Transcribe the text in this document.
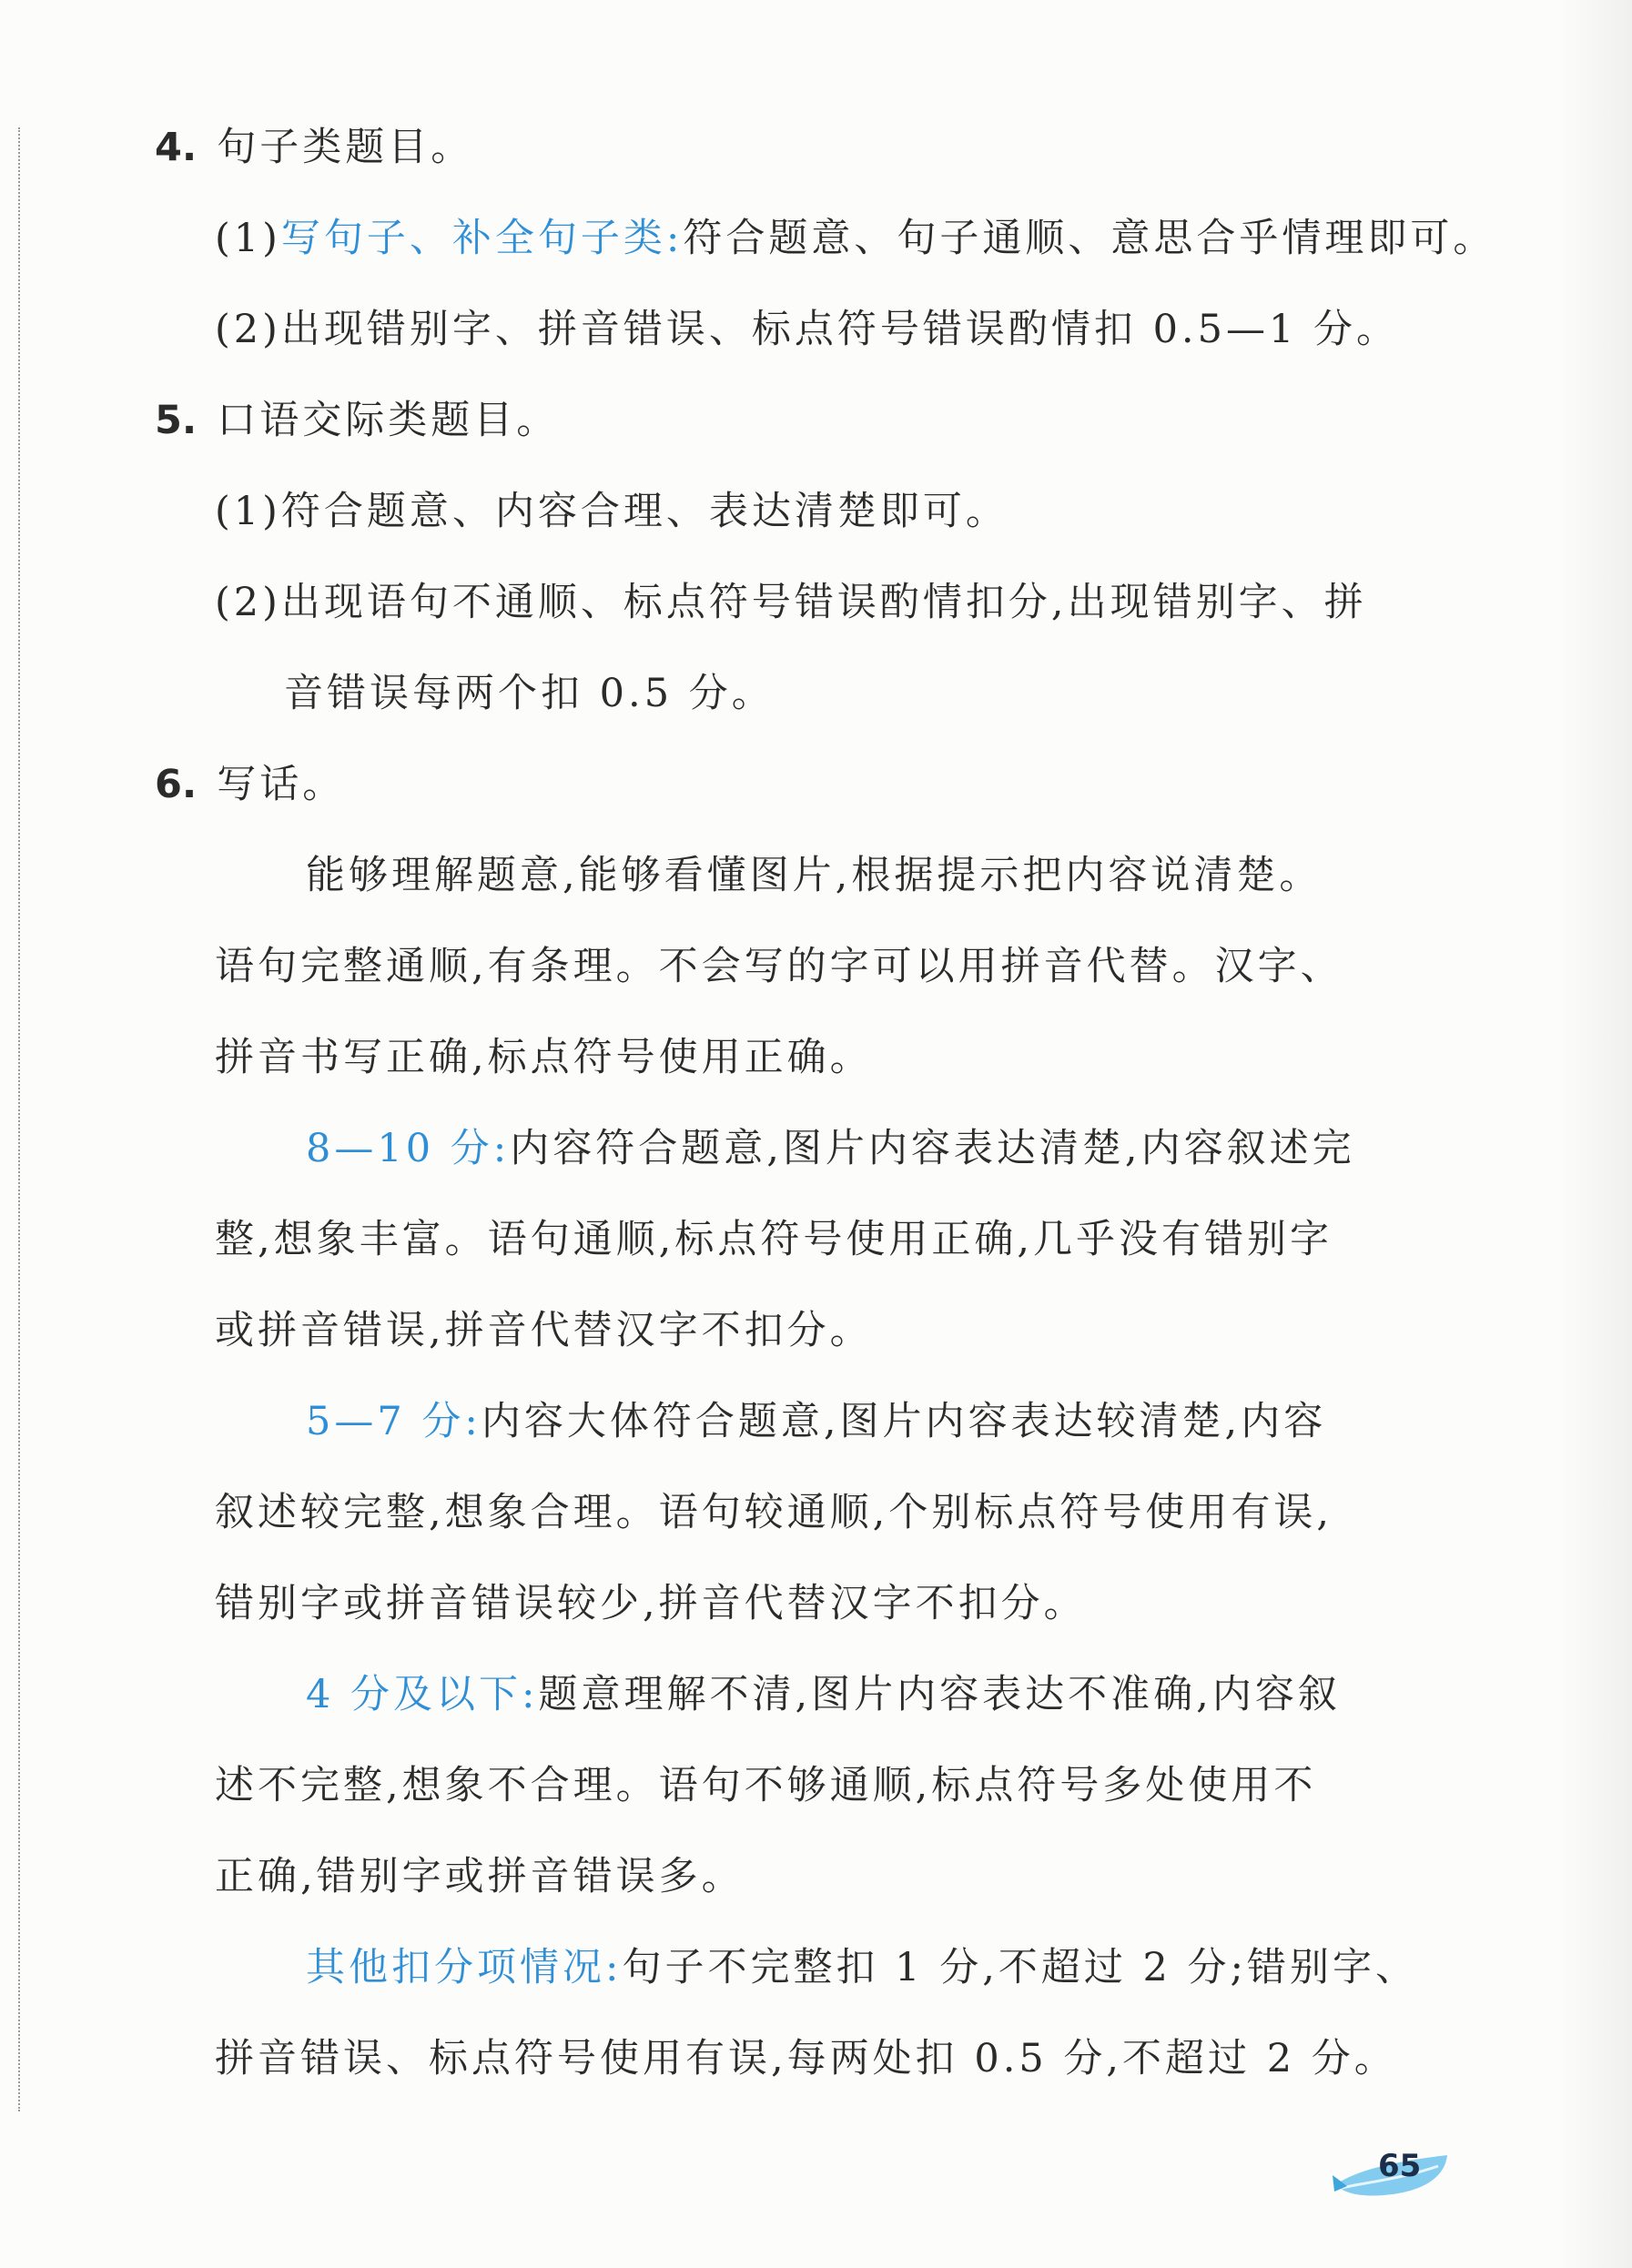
4. 句子类题目。
(1)写句子、补全句子类:符合题意、句子通顺、意思合乎情理即可。
(2)出现错别字、拼音错误、标点符号错误酌情扣 0.5—1 分。
5. 口语交际类题目。
(1)符合题意、内容合理、表达清楚即可。
(2)出现语句不通顺、标点符号错误酌情扣分,出现错别字、拼
音错误每两个扣 0.5 分。
6. 写话。
能够理解题意,能够看懂图片,根据提示把内容说清楚。
语句完整通顺,有条理。不会写的字可以用拼音代替。汉字、
拼音书写正确,标点符号使用正确。
8—10 分:内容符合题意,图片内容表达清楚,内容叙述完
整,想象丰富。语句通顺,标点符号使用正确,几乎没有错别字
或拼音错误,拼音代替汉字不扣分。
5—7 分:内容大体符合题意,图片内容表达较清楚,内容
叙述较完整,想象合理。语句较通顺,个别标点符号使用有误,
错别字或拼音错误较少,拼音代替汉字不扣分。
4 分及以下:题意理解不清,图片内容表达不准确,内容叙
述不完整,想象不合理。语句不够通顺,标点符号多处使用不
正确,错别字或拼音错误多。
其他扣分项情况:句子不完整扣 1 分,不超过 2 分;错别字、
拼音错误、标点符号使用有误,每两处扣 0.5 分,不超过 2 分。
65
